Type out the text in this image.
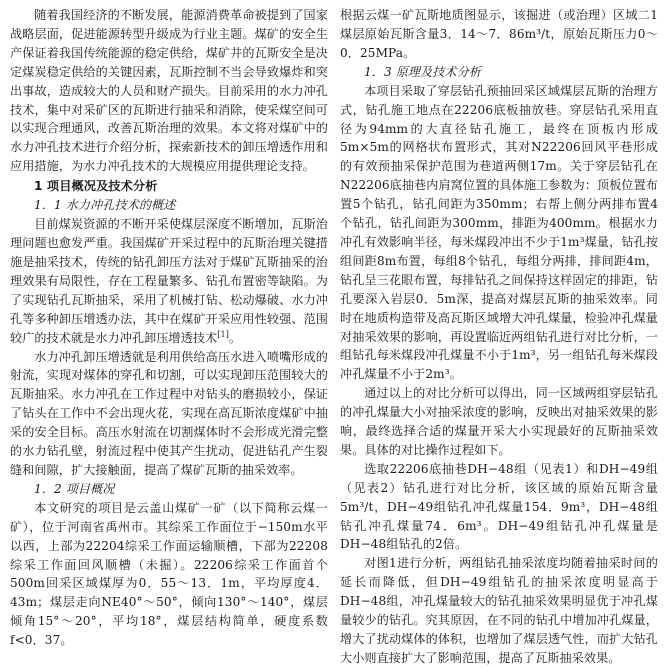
随着我国经济的不断发展，能源消费革命被提到了国家战略层面，促进能源转型升级成为行业主题。煤矿的安全生产保证着我国传统能源的稳定供给，煤矿井的瓦斯安全是决定煤炭稳定供给的关键因素，瓦斯控制不当会导致爆炸和突出事故，造成较大的人员和财产损失。目前采用的水力冲孔技术，集中对采矿区的瓦斯进行抽采和消除，使采煤空间可以实现合理通风，改善瓦斯治理的效果。本文将对煤矿中的水力冲孔技术进行介绍分析，探索新技术的卸压增透作用和应用措施，为水力冲孔技术的大规模应用提供理论支持。

1 项目概况及技术分析
1．1 水力冲孔技术的概述

目前煤炭资源的不断开采使煤层深度不断增加，瓦斯治理问题也愈发严重。我国煤矿开采过程中的瓦斯治理关键措施是抽采技术，传统的钻孔卸压方法对于煤矿瓦斯抽采的治理效果有局限性，存在工程量繁多、钻孔布置密等缺陷。为了实现钻孔瓦斯抽采，采用了机械打钻、松动爆破、水力冲孔等多种卸压增透办法，其中在煤矿开采应用性较强、范围较广的技术就是水力冲孔卸压增透技术[1]。

水力冲孔卸压增透就是利用供给高压水进入喷嘴形成的射流，实现对煤体的穿孔和切割，可以实现卸压范围较大的瓦斯抽采。水力冲孔在工作过程中对钻头的磨损较小，保证了钻头在工作中不会出现火花，实现在高瓦斯浓度煤矿中抽采的安全目标。高压水射流在切割煤体时不会形成光滑完整的水力钻孔壁，射流过程中使其产生扰动，促进钻孔产生裂缝和间隙，扩大接触面，提高了煤矿瓦斯的抽采效率。

1．2 项目概况

本文研究的项目是云盖山煤矿一矿（以下简称云煤一矿），位于河南省禹州市。其综采工作面位于−150m水平以西，上部为22204综采工作面运输顺槽，下部为22208综采工作面回风顺槽（未掘）。22206综采工作面首个500m回采区域煤厚为0．55～13．1m，平均厚度4．43m；煤层走向NE40°～50°，倾向130°～140°，煤层倾角15°～20°，平均18°，煤层结构简单，硬度系数f<0．37。

根据云煤一矿瓦斯地质图显示，该掘进（或治理）区域二1煤层原始瓦斯含量3．14～7．86m³/t，原始瓦斯压力0～0．25MPa。

1．3 原理及技术分析

本项目采取了穿层钻孔预抽回采区域煤层瓦斯的治理方式，钻孔施工地点在22206底板抽放巷。穿层钻孔采用直径为94mm的大直径钻孔施工，最终在顶板内形成5m×5m的网格状布置形式，其对N22206回风平巷形成的有效预抽采保护范围为巷道两侧17m。关于穿层钻孔在N22206底抽巷内肩窝位置的具体施工参数为：顶板位置布置5个钻孔，钻孔间距为350mm；右帮上侧分两排布置4个钻孔，钻孔间距为300mm，排距为400mm。根据水力冲孔有效影响半径，每米煤段冲出不少于1m³煤量，钻孔按组间距8m布置，每组8个钻孔，每组分两排，排间距4m，钻孔呈三花眼布置，每排钻孔之间保持这样固定的排距，钻孔要深入岩层0．5m深，提高对煤层瓦斯的抽采效率。同时在地质构造带及高瓦斯区域增大冲孔煤量，检验冲孔煤量对抽采效果的影响，再设置临近两组钻孔进行对比分析，一组钻孔每米煤段冲孔煤量不小于1m³，另一组钻孔每米煤段冲孔煤量不小于2m³。

通过以上的对比分析可以得出，同一区域两组穿层钻孔的冲孔煤量大小对抽采浓度的影响，反映出对抽采效果的影响，最终选择合适的煤量开采大小实现最好的瓦斯抽采效果。具体的对比操作过程如下。

选取22206底抽巷DH−48组（见表1）和DH−49组（见表2）钻孔进行对比分析，该区域的原始瓦斯含量5m³/t，DH−49组钻孔冲孔煤量154．9m³，DH−48组钻孔冲孔煤量74．6m³。DH−49组钻孔冲孔煤量是DH−48组钻孔的2倍。

对图1进行分析，两组钻孔抽采浓度均随着抽采时间的延长而降低，但DH−49组钻孔的抽采浓度明显高于DH−48组，冲孔煤量较大的钻孔抽采效果明显优于冲孔煤量较少的钻孔。究其原因，在不同的钻孔中增加冲孔煤量，增大了扰动煤体的体积，也增加了煤层透气性，而扩大钻孔大小则直接扩大了影响范围，提高了瓦斯抽采效果。
